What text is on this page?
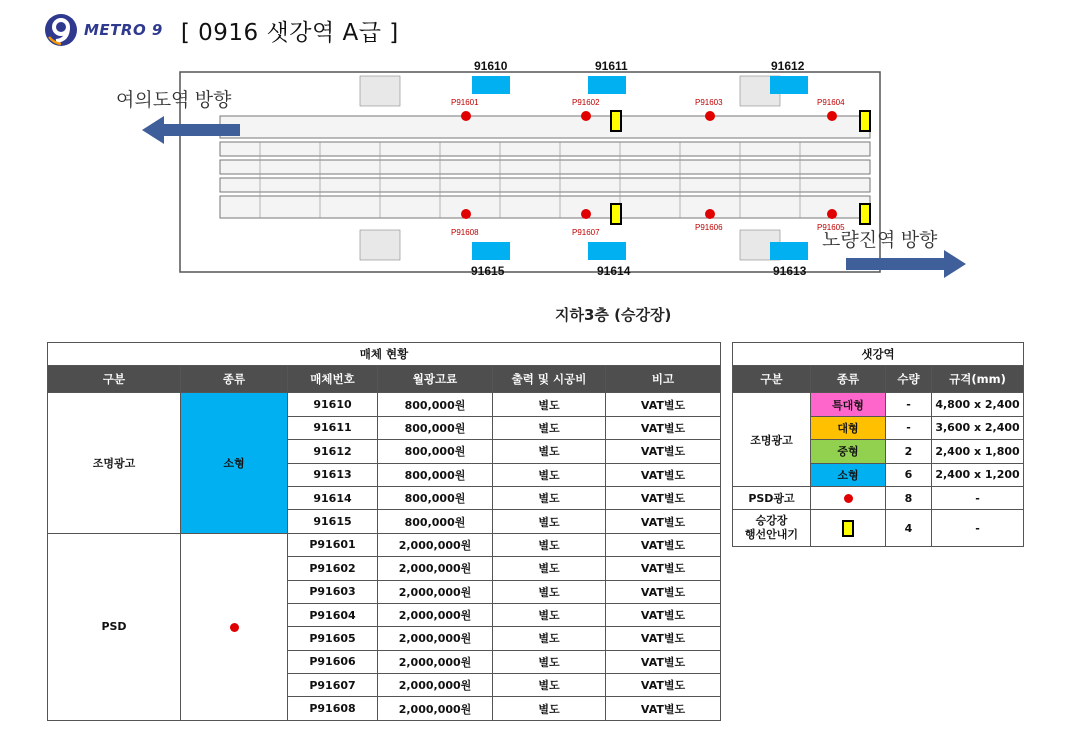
METRO 9 [ 0916 샛강역 A급 ]
91610	91611	91612
91615	91614	91613
P91601	P91602	P91603	P91604
P91608	P91607
P91606	P91605
여의도역 방향
노량진역 방향
지하3층 (승강장)
매체 현황					
구분	종류	매체번호	월광고료	출력 및 시공비	비고
조명광고	소형	91610	800,000원	별도	VAT별도
		91611	800,000원	별도	VAT별도
		91612	800,000원	별도	VAT별도
		91613	800,000원	별도	VAT별도
		91614	800,000원	별도	VAT별도
		91615	800,000원	별도	VAT별도
PSD		P91601	2,000,000원	별도	VAT별도
		P91602	2,000,000원	별도	VAT별도
		P91603	2,000,000원	별도	VAT별도
		P91604	2,000,000원	별도	VAT별도
		P91605	2,000,000원	별도	VAT별도
		P91606	2,000,000원	별도	VAT별도
		P91607	2,000,000원	별도	VAT별도
		P91608	2,000,000원	별도	VAT별도
샛강역			
구분	종류	수량	규격(mm)
조명광고	특대형	-	4,800 x 2,400
	대형	-	3,600 x 2,400
	중형	2	2,400 x 1,800
	소형	6	2,400 x 1,200
PSD광고		8	-
승강장
행선안내기		4	-
